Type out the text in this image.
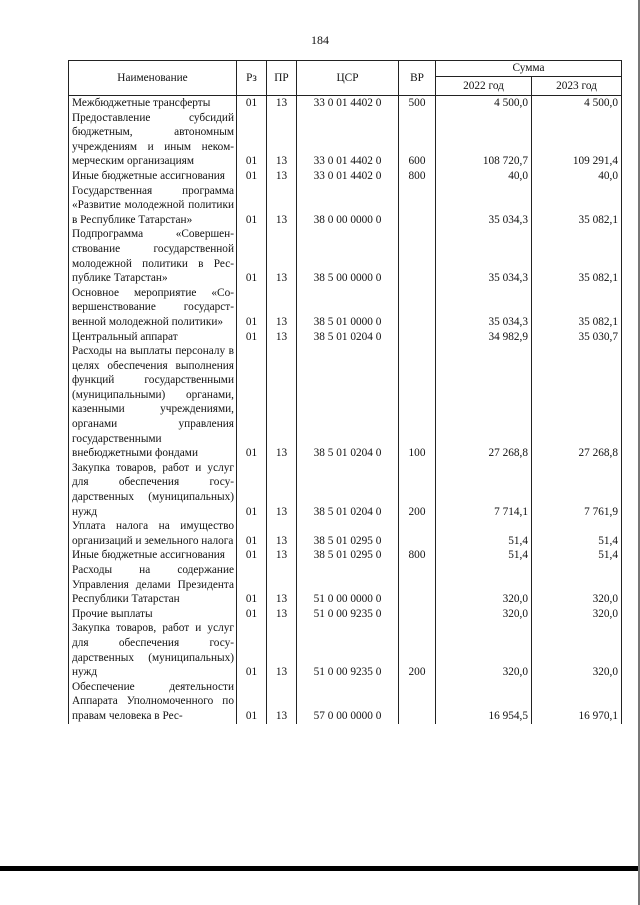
184
Наименование	Рз	ПР	ЦСР	ВР	Сумма	
					2022 год	2023 год
Межбюджетные трансферты	01	13	33 0 01 4402 0	500	4 500,0	4 500,0
Предоставление субсидий бюджетным, автономным учреждениям и иным некоммерческим организациям	01	13	33 0 01 4402 0	600	108 720,7	109 291,4
Иные бюджетные ассигнования	01	13	33 0 01 4402 0	800	40,0	40,0
Государственная программа «Развитие молодежной политики в Республике Татарстан»	01	13	38 0 00 0000 0		35 034,3	35 082,1
Подпрограмма «Совершенствование государственной молодежной политики в Республике Татарстан»	01	13	38 5 00 0000 0		35 034,3	35 082,1
Основное мероприятие «Совершенствование государственной молодежной политики»	01	13	38 5 01 0000 0		35 034,3	35 082,1
Центральный аппарат	01	13	38 5 01 0204 0		34 982,9	35 030,7
Расходы на выплаты персоналу в целях обеспечения выполнения функций государственными (муниципальными) органами, казенными учреждениями, органами управления государственными внебюджетными фондами	01	13	38 5 01 0204 0	100	27 268,8	27 268,8
Закупка товаров, работ и услуг для обеспечения государственных (муниципальных) нужд	01	13	38 5 01 0204 0	200	7 714,1	7 761,9
Уплата налога на имущество организаций и земельного налога	01	13	38 5 01 0295 0		51,4	51,4
Иные бюджетные ассигнования	01	13	38 5 01 0295 0	800	51,4	51,4
Расходы на содержание Управления делами Президента Республики Татарстан	01	13	51 0 00 0000 0		320,0	320,0
Прочие выплаты	01	13	51 0 00 9235 0		320,0	320,0
Закупка товаров, работ и услуг для обеспечения государственных (муниципальных) нужд	01	13	51 0 00 9235 0	200	320,0	320,0
Обеспечение деятельности Аппарата Уполномоченного по правам человека в Рес-	01	13	57 0 00 0000 0		16 954,5	16 970,1
